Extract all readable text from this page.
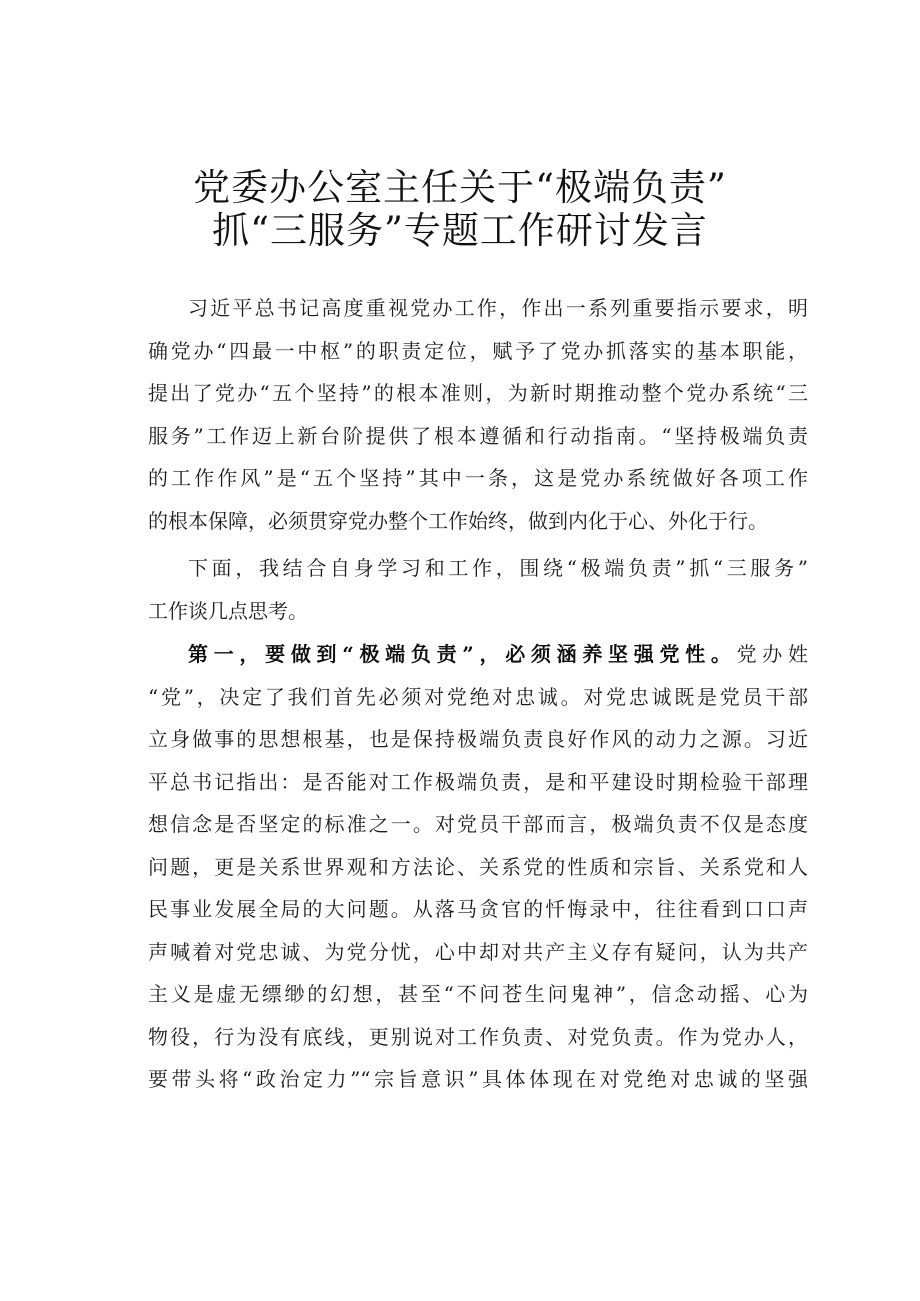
党委办公室主任关于“极端负责”
抓“三服务”专题工作研讨发言
习近平总书记高度重视党办工作，作出一系列重要指示要求，明
确党办“四最一中枢”的职责定位，赋予了党办抓落实的基本职能，
提出了党办“五个坚持”的根本准则，为新时期推动整个党办系统“三
服务”工作迈上新台阶提供了根本遵循和行动指南。“坚持极端负责
的工作作风”是“五个坚持”其中一条，这是党办系统做好各项工作
的根本保障，必须贯穿党办整个工作始终，做到内化于心、外化于行。
下面，我结合自身学习和工作，围绕“极端负责”抓“三服务”
工作谈几点思考。
第一，要做到“极端负责”，必须涵养坚强党性。党办姓
“党”，决定了我们首先必须对党绝对忠诚。对党忠诚既是党员干部
立身做事的思想根基，也是保持极端负责良好作风的动力之源。习近
平总书记指出：是否能对工作极端负责，是和平建设时期检验干部理
想信念是否坚定的标准之一。对党员干部而言，极端负责不仅是态度
问题，更是关系世界观和方法论、关系党的性质和宗旨、关系党和人
民事业发展全局的大问题。从落马贪官的忏悔录中，往往看到口口声
声喊着对党忠诚、为党分忧，心中却对共产主义存有疑问，认为共产
主义是虚无缥缈的幻想，甚至“不问苍生问鬼神”，信念动摇、心为
物役，行为没有底线，更别说对工作负责、对党负责。作为党办人，
要带头将“政治定力”“宗旨意识”具体体现在对党绝对忠诚的坚强
